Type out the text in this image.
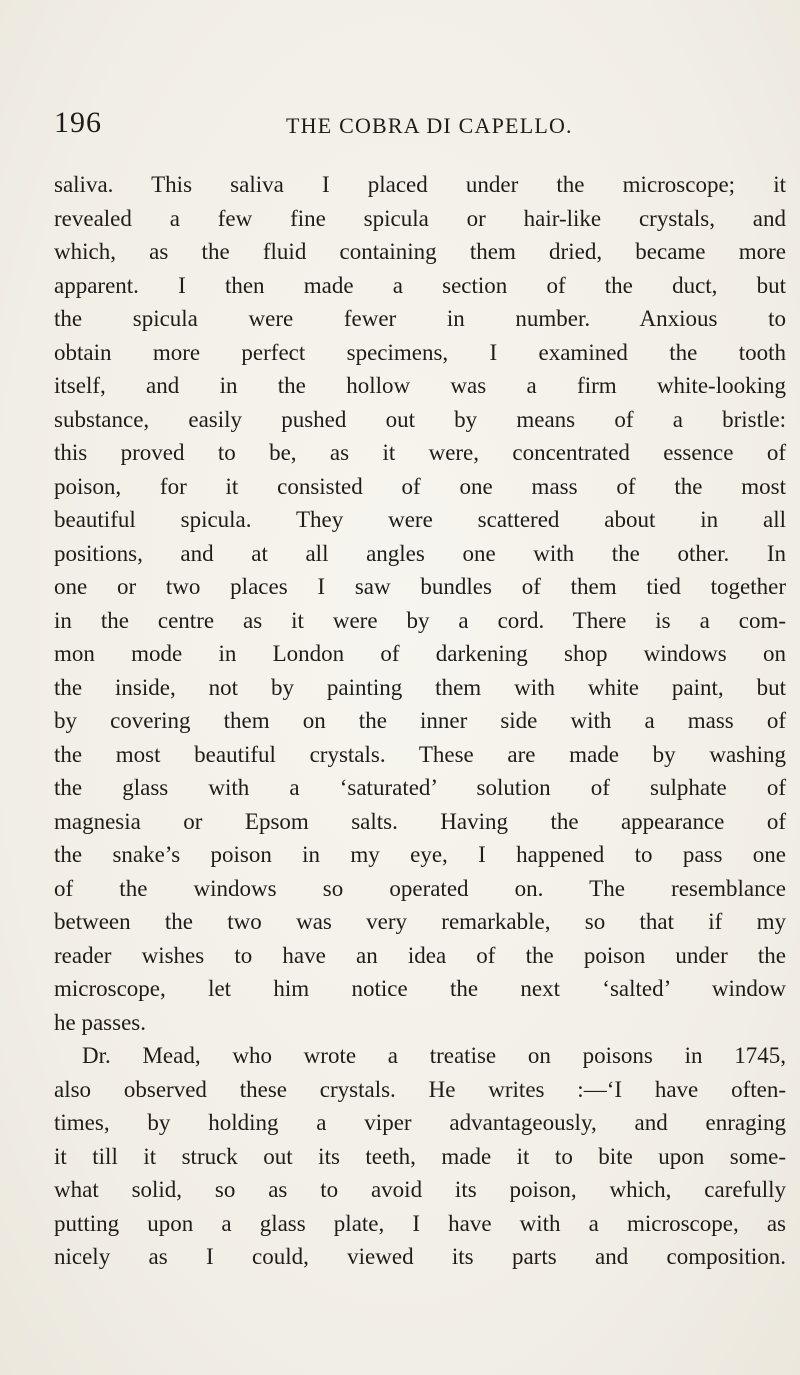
196	THE COBRA DI CAPELLO.
saliva. This saliva I placed under the microscope; it
revealed a few fine spicula or hair-like crystals, and
which, as the fluid containing them dried, became more
apparent. I then made a section of the duct, but
the spicula were fewer in number. Anxious to
obtain more perfect specimens, I examined the tooth
itself, and in the hollow was a firm white-looking
substance, easily pushed out by means of a bristle:
this proved to be, as it were, concentrated essence of
poison, for it consisted of one mass of the most
beautiful spicula. They were scattered about in all
positions, and at all angles one with the other. In
one or two places I saw bundles of them tied together
in the centre as it were by a cord. There is a com-
mon mode in London of darkening shop windows on
the inside, not by painting them with white paint, but
by covering them on the inner side with a mass of
the most beautiful crystals. These are made by washing
the glass with a ‘saturated’ solution of sulphate of
magnesia or Epsom salts. Having the appearance of
the snake’s poison in my eye, I happened to pass one
of the windows so operated on. The resemblance
between the two was very remarkable, so that if my
reader wishes to have an idea of the poison under the
microscope, let him notice the next ‘salted’ window
he passes.
Dr. Mead, who wrote a treatise on poisons in 1745,
also observed these crystals. He writes :—‘I have often-
times, by holding a viper advantageously, and enraging
it till it struck out its teeth, made it to bite upon some-
what solid, so as to avoid its poison, which, carefully
putting upon a glass plate, I have with a microscope, as
nicely as I could, viewed its parts and composition.
